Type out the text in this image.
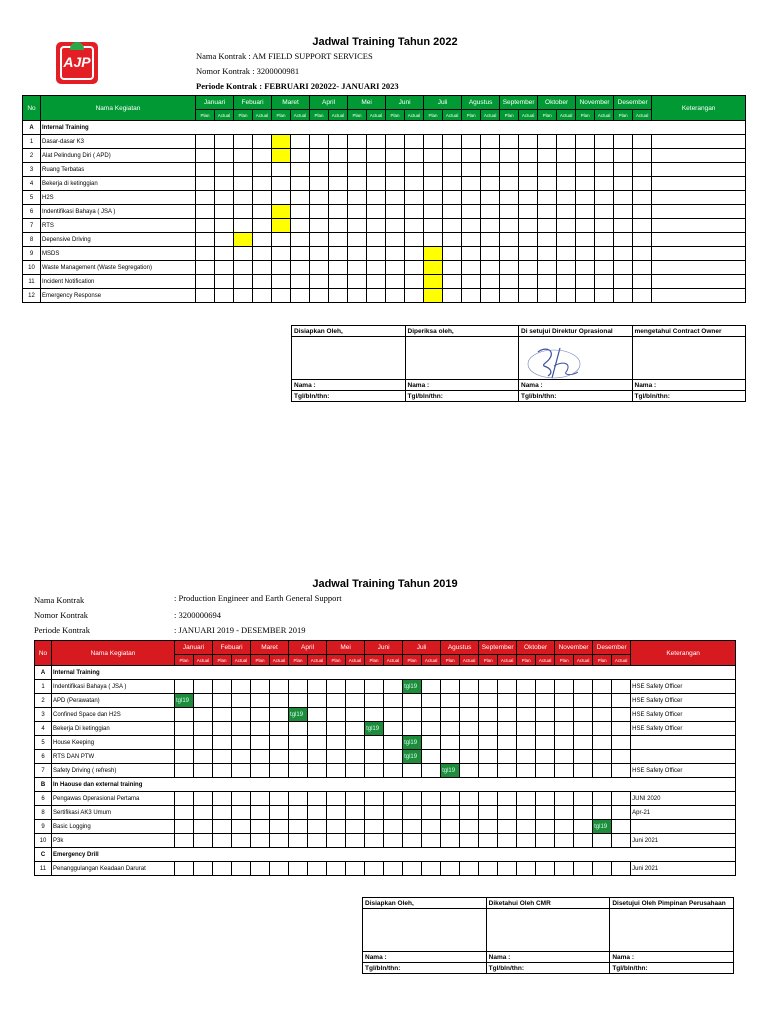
AJP
Jadwal Training Tahun 2022
Nama Kontrak : AM FIELD SUPPORT SERVICES
Nomor Kontrak : 3200000981
Periode Kontrak : FEBRUARI 202022- JANUARI 2023
No	Nama Kegiatan	Januari		Febuari		Maret		April		Mei		Juni		Juli		Agustus		September		Oktober		November		Desember		Keterangan
		Plan	Actual	Plan	Actual	Plan	Actual	Plan	Actual	Plan	Actual	Plan	Actual	Plan	Actual	Plan	Actual	Plan	Actual	Plan	Actual	Plan	Actual	Plan	Actual	
A	Internal Training																									
1	Dasar-dasar K3																									
2	Alat Pelindung Diri ( APD)																									
3	Ruang Terbatas																									
4	Bekerja di ketinggian																									
5	H2S																									
6	Indentifikasi Bahaya ( JSA )																									
7	RTS																									
8	Depensive Driving																									
9	MSDS																									
10	Waste Management (Waste Segregation)																									
11	Incident Notification																									
12	Emergency Response																									
Disiapkan Oleh,	Diperiksa oleh,	Di setujui Direktur Oprasional	mengetahui Contract Owner

Nama :	Nama :	Nama :	Nama :
Tgl/bln/thn:	Tgl/bln/thn:	Tgl/bln/thn:	Tgl/bln/thn:
Jadwal Training Tahun 2019
Nama Kontrak	: Production Engineer and Earth General Support
Nomor Kontrak	: 3200000694
Periode Kontrak	: JANUARI 2019 - DESEMBER 2019
No	Nama Kegiatan	Januari		Febuari		Maret		April		Mei		Juni		Juli		Agustus		September		Oktober		November		Desember		Keterangan
		Plan	Actual	Plan	Actual	Plan	Actual	Plan	Actual	Plan	Actual	Plan	Actual	Plan	Actual	Plan	Actual	Plan	Actual	Plan	Actual	Plan	Actual	Plan	Actual	
A	Internal Training																									
1	Indentifikasi Bahaya ( JSA )													tgl19												HSE Safety Officer
2	APD (Perawatan)	tgl19																								HSE Safety Officer
3	Confined Space dan H2S							tgl19																		HSE Safety Officer
4	Bekerja Di ketinggian											tgl19														HSE Safety Officer
5	House Keeping													tgl19												
6	RTS DAN PTW													tgl19												
7	Safety Driving ( refresh)															tgl19										HSE Safety Officer
B	In Haouse dan external training																									
6	Pengawas Operasional Pertama																									JUNI 2020
8	Sertifikasi AK3 Umum																									Apr-21
9	Basic Logging																							tgl19		
10	P3k																									Juni 2021
C	Emergency Drill																									
11	Penanggulangan Keadaan Darurat																									Juni 2021
Disiapkan Oleh,	Diketahui Oleh CMR	Disetujui Oleh Pimpinan Perusahaan

Nama :	Nama :	Nama :
Tgl/bln/thn:	Tgl/bln/thn:	Tgl/bln/thn:
